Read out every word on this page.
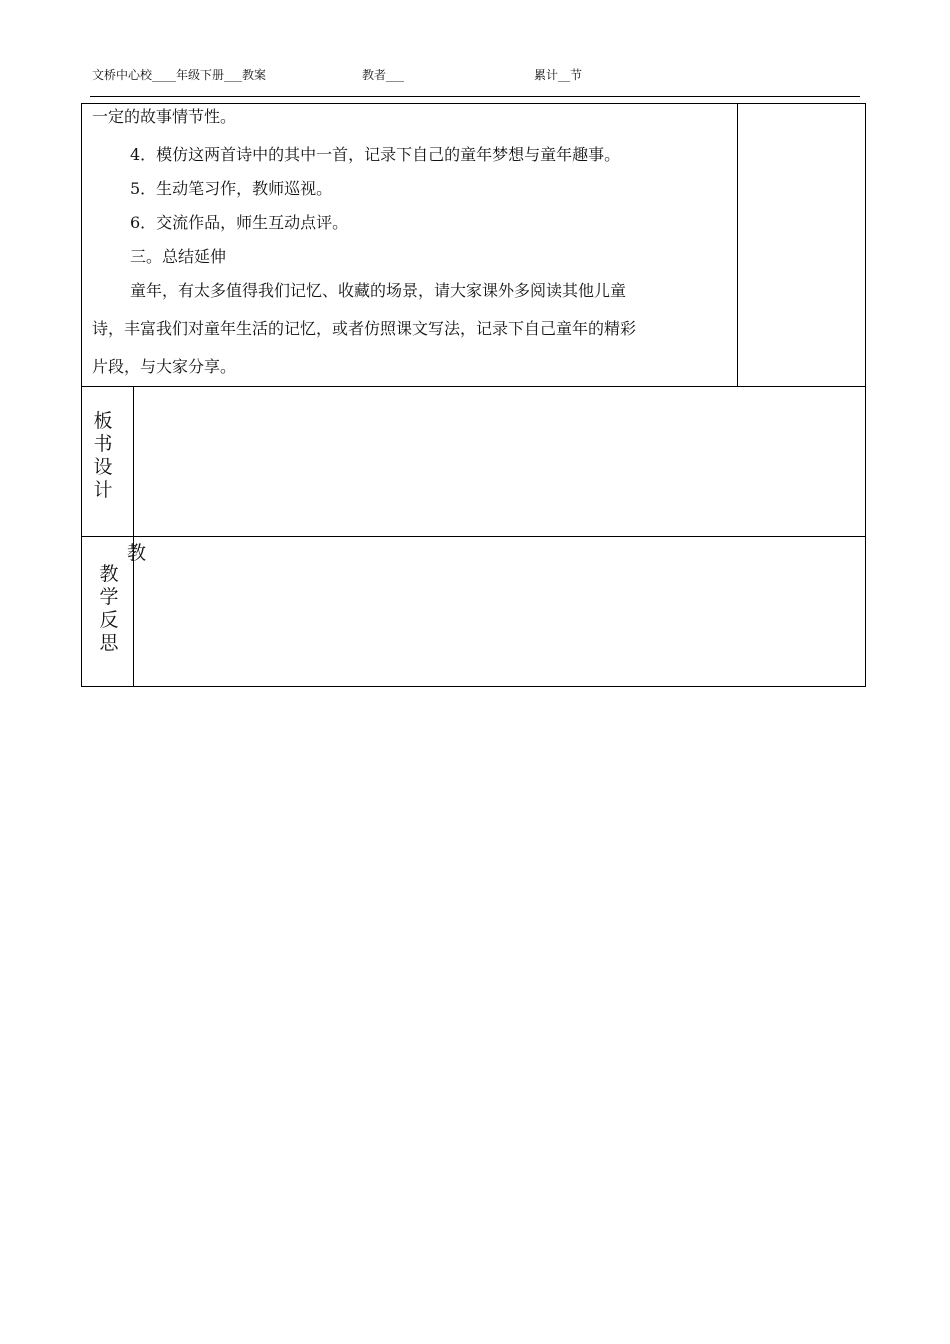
文桥中心校____年级下册___教案	教者___	累计__节

一定的故事情节性。

4．模仿这两首诗中的其中一首，记录下自己的童年梦想与童年趣事。

5．生动笔习作，教师巡视。

6．交流作品，师生互动点评。

三。总结延伸

童年，有太多值得我们记忆、收藏的场景，请大家课外多阅读其他儿童

诗，丰富我们对童年生活的记忆，或者仿照课文写法，记录下自己童年的精彩

片段，与大家分享。

板
书
设
计
教
教
学
反
思
